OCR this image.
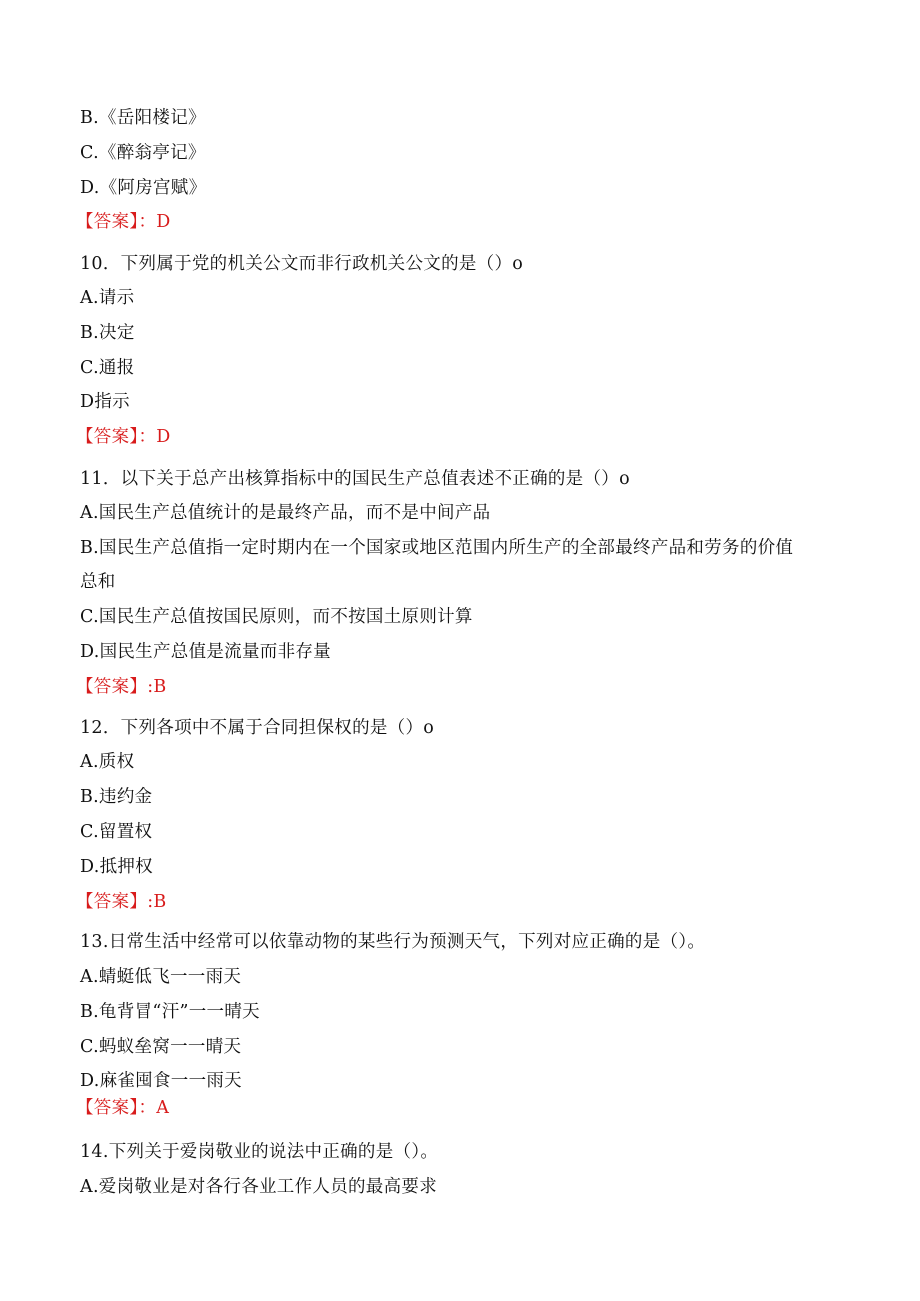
B.《岳阳楼记》
C.《醉翁亭记》
D.《阿房宫赋》
【答案】：D
10．下列属于党的机关公文而非行政机关公文的是（）o
A.请示
B.决定
C.通报
D指示
【答案】：D
11．以下关于总产出核算指标中的国民生产总值表述不正确的是（）o
A.国民生产总值统计的是最终产品，而不是中间产品
B.国民生产总值指一定时期内在一个国家或地区范围内所生产的全部最终产品和劳务的价值
总和
C.国民生产总值按国民原则，而不按国土原则计算
D.国民生产总值是流量而非存量
【答案】:B
12．下列各项中不属于合同担保权的是（）o
A.质权
B.违约金
C.留置权
D.抵押权
【答案】:B
13.日常生活中经常可以依靠动物的某些行为预测天气，下列对应正确的是（）。
A.蜻蜓低飞一一雨天
B.龟背冒“汗”一一晴天
C.蚂蚁垒窝一一晴天
D.麻雀囤食一一雨天
【答案】：A
14.下列关于爱岗敬业的说法中正确的是（）。
A.爱岗敬业是对各行各业工作人员的最高要求
